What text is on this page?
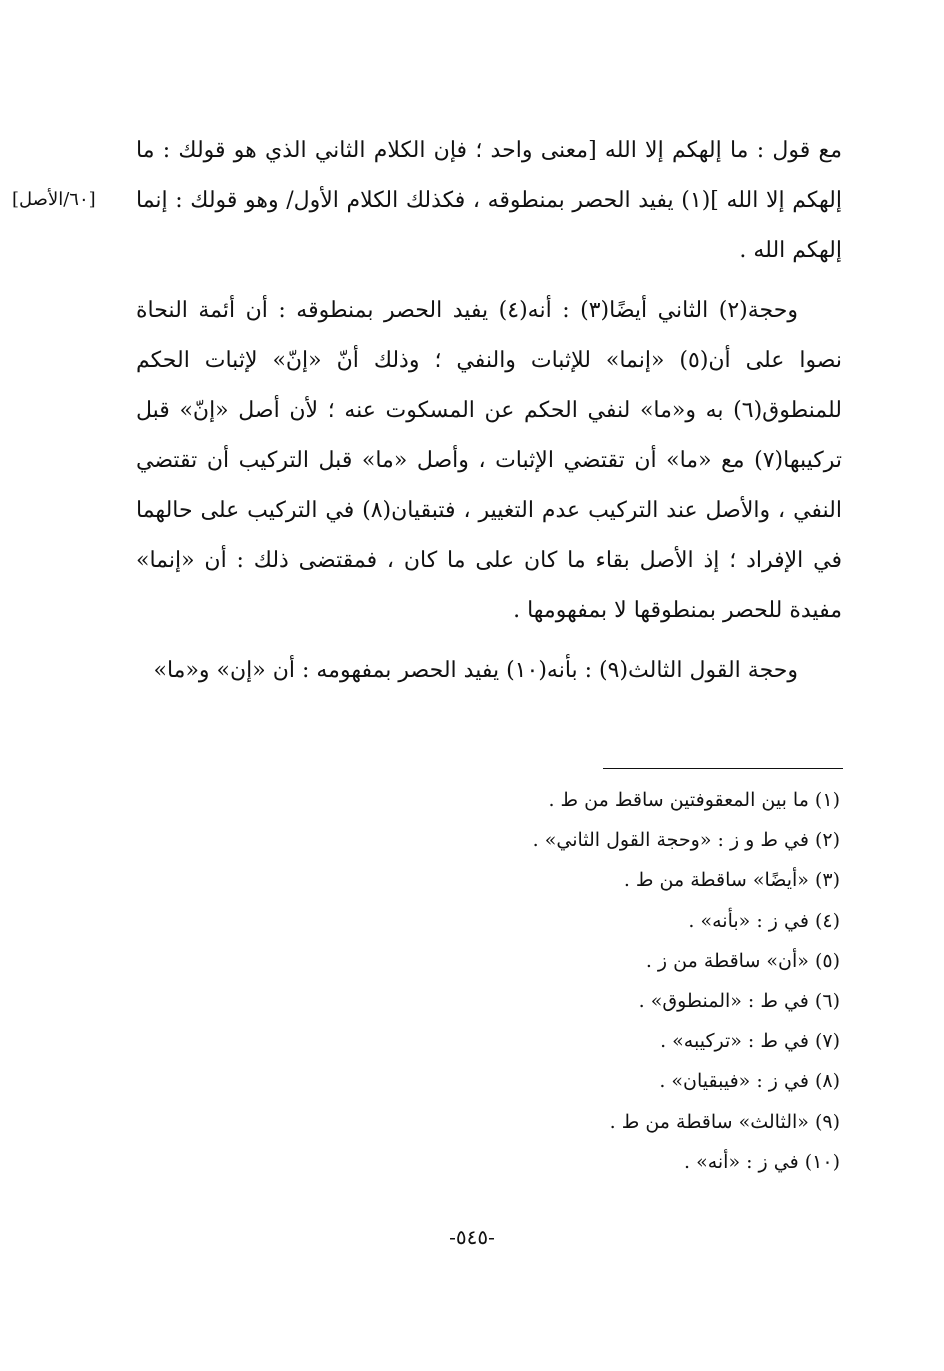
[٦٠/الأصل]

مع قول : ما إلهكم إلا الله [معنى واحد ؛ فإن الكلام الثاني الذي هو قولك : ما إلهكم إلا الله ](١) يفيد الحصر بمنطوقه ، فكذلك الكلام الأول/ وهو قولك : إنما إلهكم الله .

وحجة(٢) الثاني أيضًا(٣) : أنه(٤) يفيد الحصر بمنطوقه : أن أئمة النحاة نصوا على أن(٥) «إنما» للإثبات والنفي ؛ وذلك أنّ «إنّ» لإثبات الحكم للمنطوق(٦) به و«ما» لنفي الحكم عن المسكوت عنه ؛ لأن أصل «إنّ» قبل تركيبها(٧) مع «ما» أن تقتضي الإثبات ، وأصل «ما» قبل التركيب أن تقتضي النفي ، والأصل عند التركيب عدم التغيير ، فتبقيان(٨) في التركيب على حالهما في الإفراد ؛ إذ الأصل بقاء ما كان على ما كان ، فمقتضى ذلك : أن «إنما» مفيدة للحصر بمنطوقها لا بمفهومها .

وحجة القول الثالث(٩) : بأنه(١٠) يفيد الحصر بمفهومه : أن «إن» و«ما»

(١) ما بين المعقوفتين ساقط من ط .
(٢) في ط و ز : «وحجة القول الثاني» .
(٣) «أيضًا» ساقطة من ط .
(٤) في ز : «بأنه» .
(٥) «أن» ساقطة من ز .
(٦) في ط : «المنطوق» .
(٧) في ط : «تركيبه» .
(٨) في ز : «فيبقيان» .
(٩) «الثالث» ساقطة من ط .
(١٠) في ز : «أنه» .
-٥٤٥-
